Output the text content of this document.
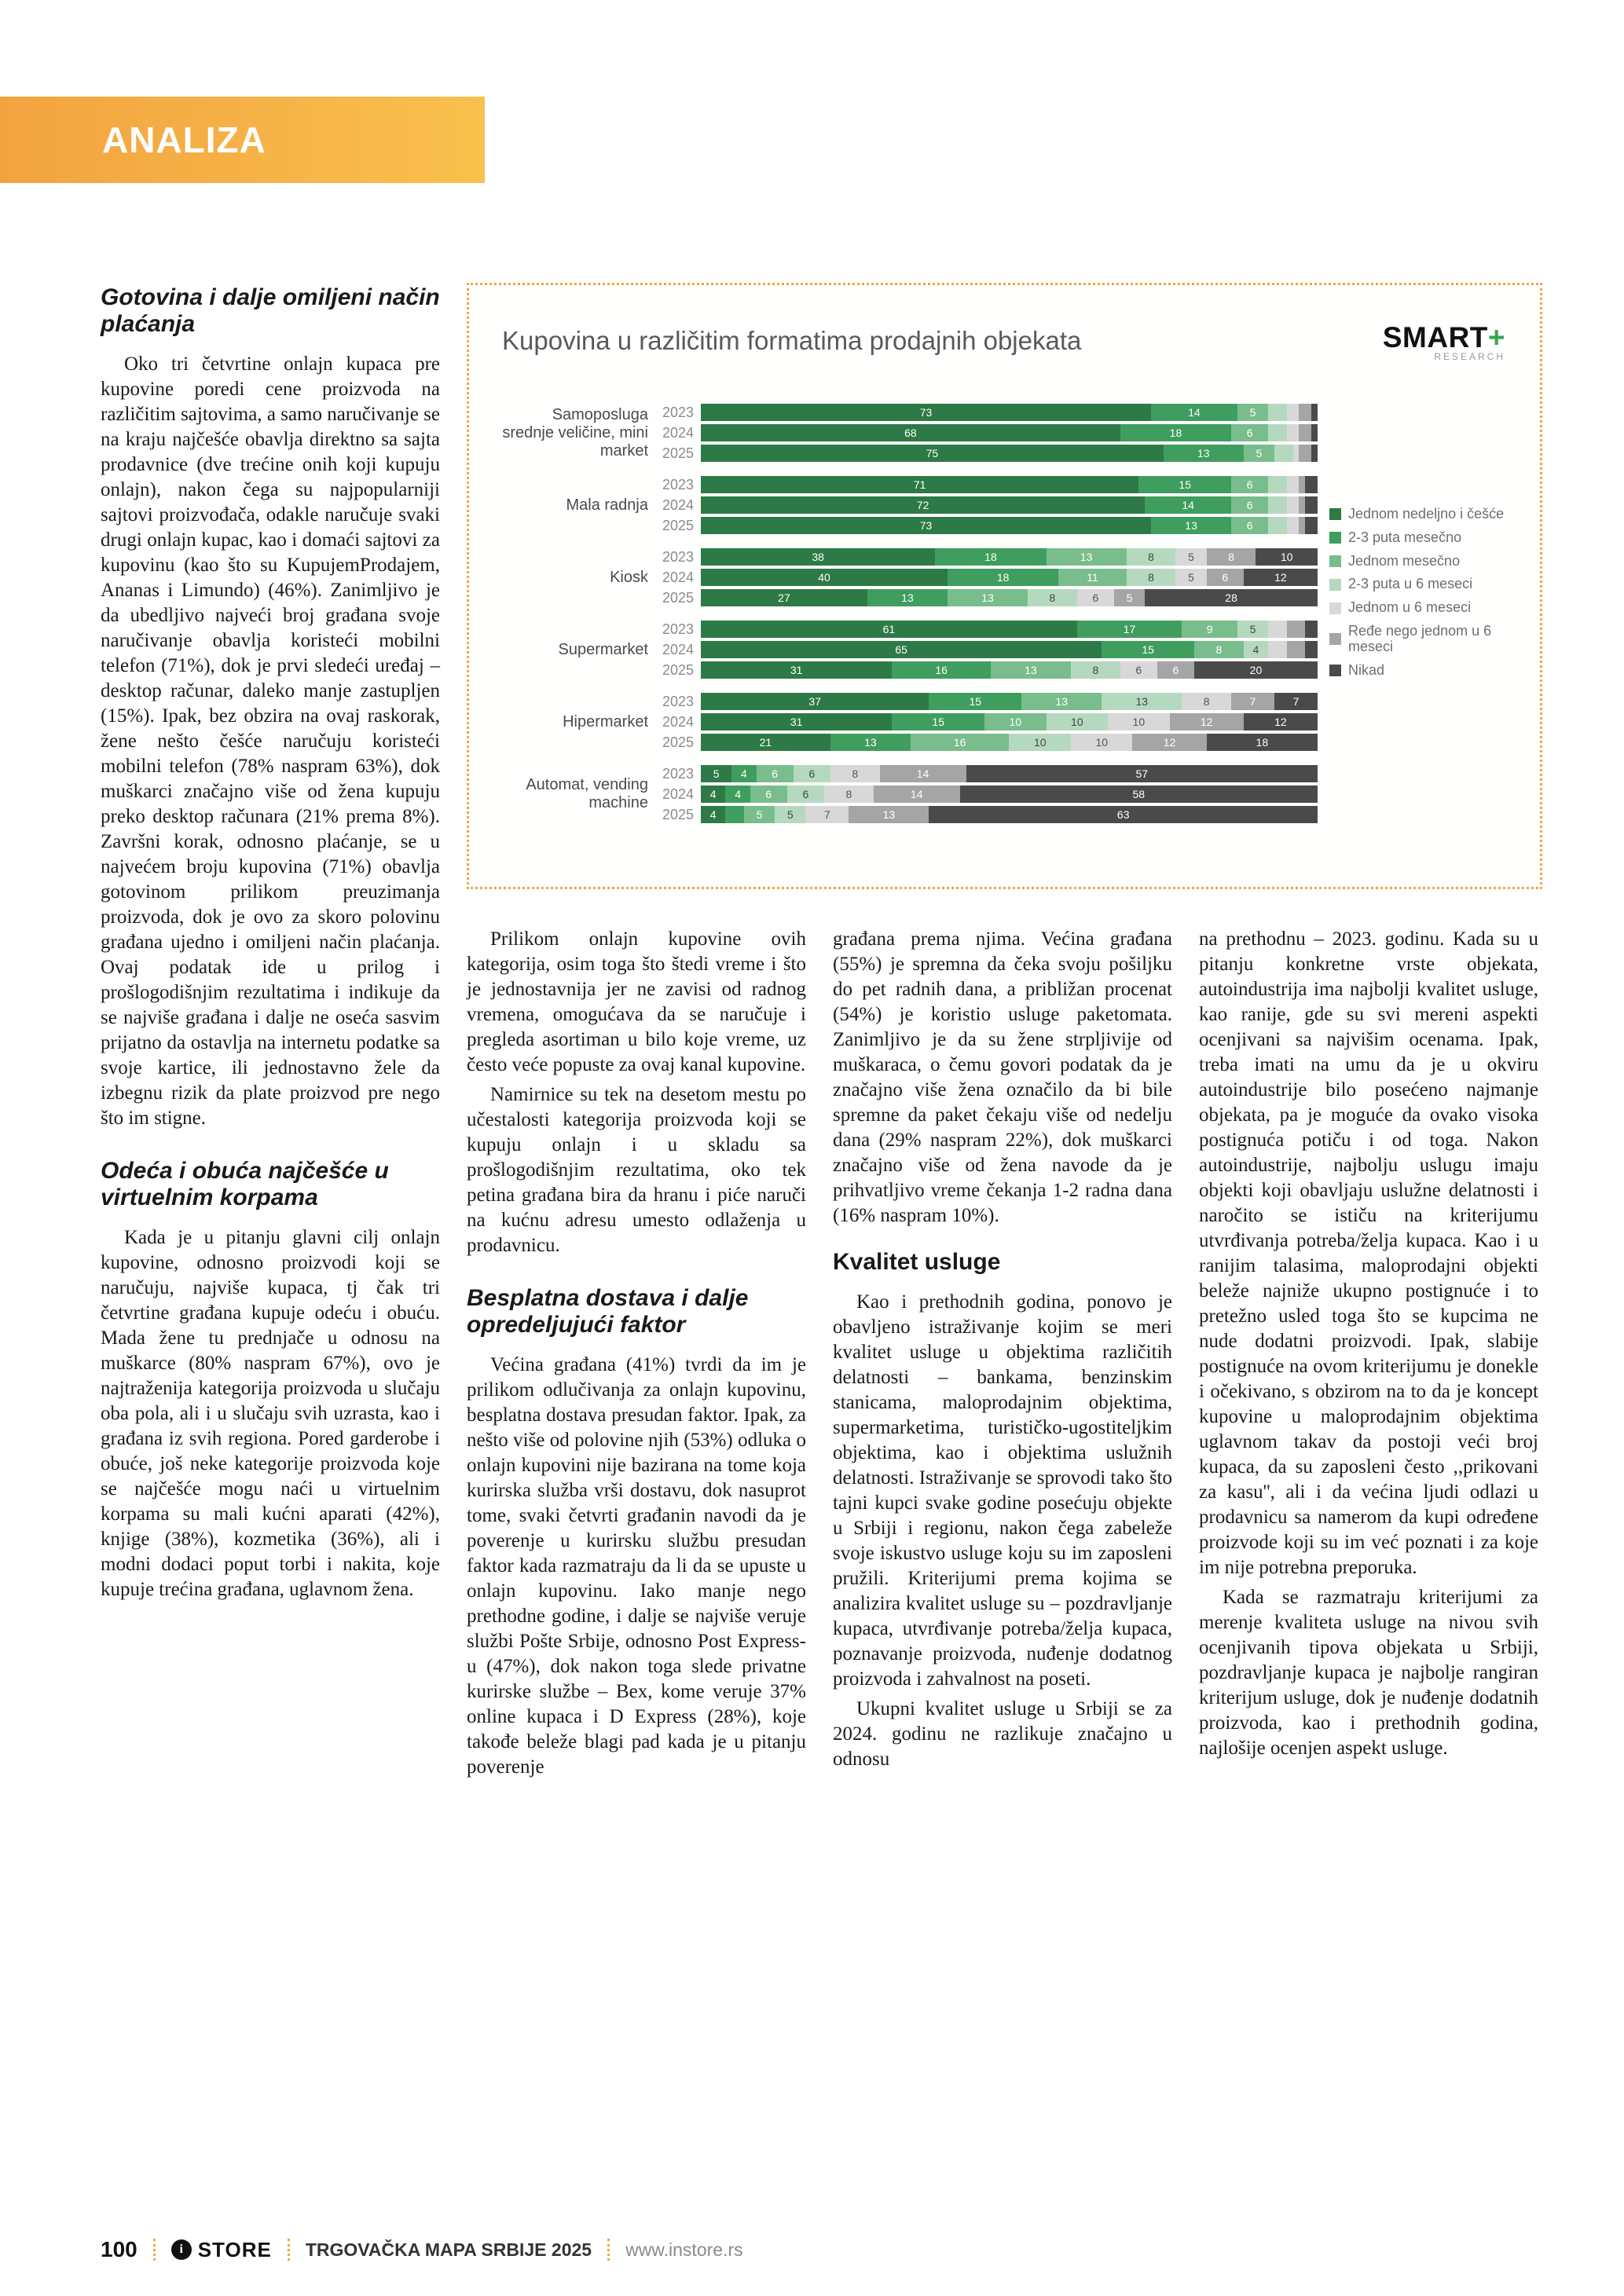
ANALIZA
Kupovina u različitim formatima prodajnih objekata	SMART+
RESEARCH
Samoposluga srednje veličine, mini market
2023	73	14	5
2024	68	18	6
2025	75	13	5
Mala radnja
2023	71	15	6
2024	72	14	6
2025	73	13	6
Kiosk
2023	38	18	13	8	5	8	10
2024	40	18	11	8	5	6	12
2025	27	13	13	8	6	5	28
Supermarket
2023	61	17	9	5
2024	65	15	8	4
2025	31	16	13	8	6	6	20
Hipermarket
2023	37	15	13	13	8	7	7
2024	31	15	10	10	10	12	12
2025	21	13	16	10	10	12	18
Automat, vending machine
2023	5	4	6	6	8	14	57
2024	4	4	6	6	8	14	58
2025	4	5	5	7	13	63
Jednom nedeljno i češće
2-3 puta mesečno
Jednom mesečno
2-3 puta u 6 meseci
Jednom u 6 meseci
Ređe nego jednom u 6 meseci
Nikad
Gotovina i dalje omiljeni način plaćanja

Oko tri četvrtine onlajn kupaca pre kupovine poredi cene proizvoda na različitim sajtovima, a samo naručivanje se na kraju najčešće obavlja direktno sa sajta prodavnice (dve trećine onih koji kupuju onlajn), nakon čega su najpopularniji sajtovi proizvođača, odakle naručuje svaki drugi onlajn kupac, kao i domaći sajtovi za kupovinu (kao što su KupujemProdajem, Ananas i Limundo) (46%). Zanimljivo je da ubedljivo najveći broj građana svoje naručivanje obavlja koristeći mobilni telefon (71%), dok je prvi sledeći uređaj – desktop računar, daleko manje zastupljen (15%). Ipak, bez obzira na ovaj raskorak, žene nešto češće naručuju koristeći mobilni telefon (78% naspram 63%), dok muškarci značajno više od žena kupuju preko desktop računara (21% prema 8%). Završni korak, odnosno plaćanje, se u najvećem broju kupovina (71%) obavlja gotovinom prilikom preuzimanja proizvoda, dok je ovo za skoro polovinu građana ujedno i omiljeni način plaćanja. Ovaj podatak ide u prilog i prošlogodišnjim rezultatima i indikuje da se najviše građana i dalje ne oseća sasvim prijatno da ostavlja na internetu podatke sa svoje kartice, ili jednostavno žele da izbegnu rizik da plate proizvod pre nego što im stigne.

Odeća i obuća najčešće u virtuelnim korpama

Kada je u pitanju glavni cilj onlajn kupovine, odnosno proizvodi koji se naručuju, najviše kupaca, tj čak tri četvrtine građana kupuje odeću i obuću. Mada žene tu prednjače u odnosu na muškarce (80% naspram 67%), ovo je najtraženija kategorija proizvoda u slučaju oba pola, ali i u slučaju svih uzrasta, kao i građana iz svih regiona. Pored garderobe i obuće, još neke kategorije proizvoda koje se najčešće mogu naći u virtuelnim korpama su mali kućni aparati (42%), knjige (38%), kozmetika (36%), ali i modni dodaci poput torbi i nakita, koje kupuje trećina građana, uglavnom žena.

Prilikom onlajn kupovine ovih kategorija, osim toga što štedi vreme i što je jednostavnija jer ne zavisi od radnog vremena, omogućava da se naručuje i pregleda asortiman u bilo koje vreme, uz često veće popuste za ovaj kanal kupovine.

Namirnice su tek na desetom mestu po učestalosti kategorija proizvoda koji se kupuju onlajn i u skladu sa prošlogodišnjim rezultatima, oko tek petina građana bira da hranu i piće naruči na kućnu adresu umesto odlaženja u prodavnicu.

Besplatna dostava i dalje opredeljujući faktor

Većina građana (41%) tvrdi da im je prilikom odlučivanja za onlajn kupovinu, besplatna dostava presudan faktor. Ipak, za nešto više od polovine njih (53%) odluka o onlajn kupovini nije bazirana na tome koja kurirska služba vrši dostavu, dok nasuprot tome, svaki četvrti građanin navodi da je poverenje u kurirsku službu presudan faktor kada razmatraju da li da se upuste u onlajn kupovinu. Iako manje nego prethodne godine, i dalje se najviše veruje službi Pošte Srbije, odnosno Post Express-u (47%), dok nakon toga slede privatne kurirske službe – Bex, kome veruje 37% online kupaca i D Express (28%), koje takođe beleže blagi pad kada je u pitanju poverenje

građana prema njima. Većina građana (55%) je spremna da čeka svoju pošiljku do pet radnih dana, a približan procenat (54%) je koristio usluge paketomata. Zanimljivo je da su žene strpljivije od muškaraca, o čemu govori podatak da je značajno više žena označilo da bi bile spremne da paket čekaju više od nedelju dana (29% naspram 22%), dok muškarci značajno više od žena navode da je prihvatljivo vreme čekanja 1-2 radna dana (16% naspram 10%).

Kvalitet usluge

Kao i prethodnih godina, ponovo je obavljeno istraživanje kojim se meri kvalitet usluge u objektima različitih delatnosti – bankama, benzinskim stanicama, maloprodajnim objektima, supermarketima, turističko-ugostiteljkim objektima, kao i objektima uslužnih delatnosti. Istraživanje se sprovodi tako što tajni kupci svake godine posećuju objekte u Srbiji i regionu, nakon čega zabeleže svoje iskustvo usluge koju su im zaposleni pružili. Kriterijumi prema kojima se analizira kvalitet usluge su – pozdravljanje kupaca, utvrđivanje potreba/želja kupaca, poznavanje proizvoda, nuđenje dodatnog proizvoda i zahvalnost na poseti.

Ukupni kvalitet usluge u Srbiji se za 2024. godinu ne razlikuje značajno u odnosu

na prethodnu – 2023. godinu. Kada su u pitanju konkretne vrste objekata, autoindustrija ima najbolji kvalitet usluge, kao ranije, gde su svi mereni aspekti ocenjivani sa najvišim ocenama. Ipak, treba imati na umu da je u okviru autoindustrije bilo posećeno najmanje objekata, pa je moguće da ovako visoka postignuća potiču i od toga. Nakon autoindustrije, najbolju uslugu imaju objekti koji obavljaju uslužne delatnosti i naročito se ističu na kriterijumu utvrđivanja potreba/želja kupaca. Kao i u ranijim talasima, maloprodajni objekti beleže najniže ukupno postignuće i to pretežno usled toga što se kupcima ne nude dodatni proizvodi. Ipak, slabije postignuće na ovom kriterijumu je donekle i očekivano, s obzirom na to da je koncept kupovine u maloprodajnim objektima uglavnom takav da postoji veći broj kupaca, da su zaposleni često ,,prikovani za kasu'', ali i da većina ljudi odlazi u prodavnicu sa namerom da kupi određene proizvode koji su im već poznati i za koje im nije potrebna preporuka.

Kada se razmatraju kriterijumi za merenje kvaliteta usluge na nivou svih ocenjivanih tipova objekata u Srbiji, pozdravljanje kupaca je najbolje rangiran kriterijum usluge, dok je nuđenje dodatnih proizvoda, kao i prethodnih godina, najlošije ocenjen aspekt usluge.

100	i STORE TRGOVAČKA MAPA SRBIJE 2025 www.instore.rs
